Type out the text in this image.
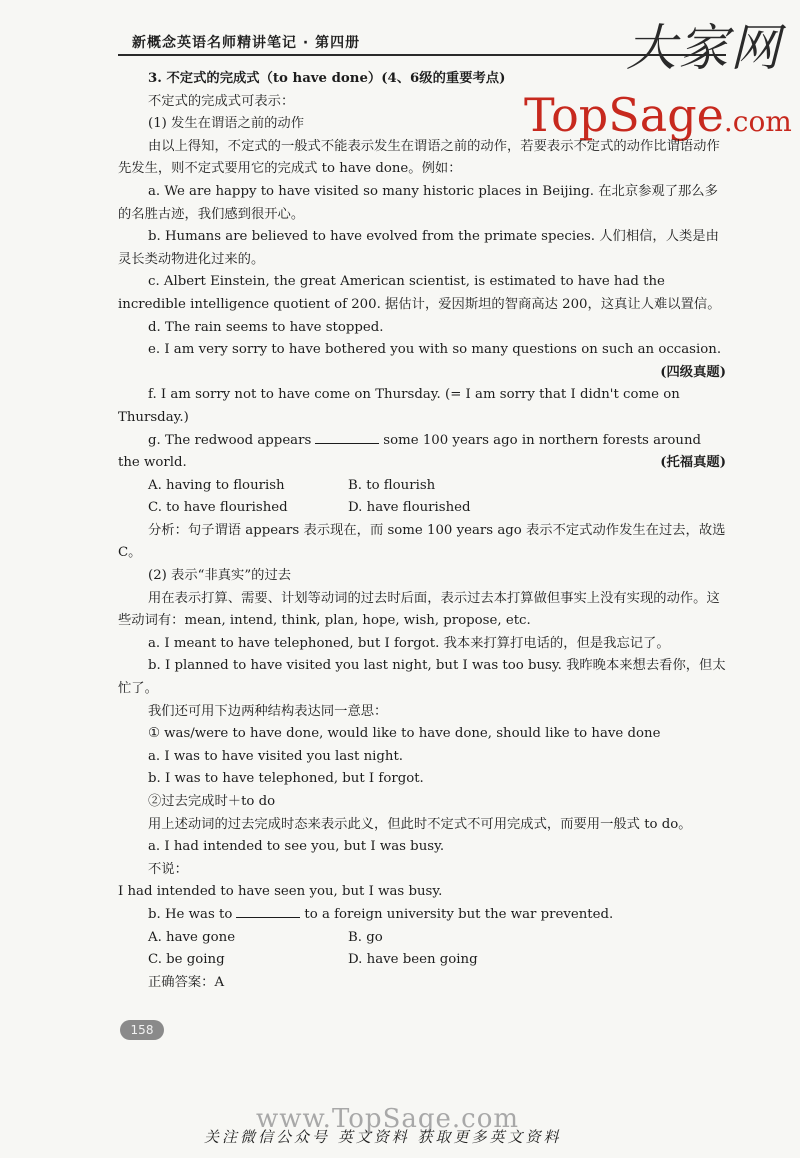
新概念英语名师精讲笔记 · 第四册	大家网
TopSage.com

3. 不定式的完成式（to have done）(4、6级的重要考点)

不定式的完成式可表示：

(1) 发生在谓语之前的动作

由以上得知，不定式的一般式不能表示发生在谓语之前的动作，若要表示不定式的动作比谓语动作先发生，则不定式要用它的完成式 to have done。例如：

a. We are happy to have visited so many historic places in Beijing. 在北京参观了那么多的名胜古迹，我们感到很开心。

b. Humans are believed to have evolved from the primate species. 人们相信，人类是由灵长类动物进化过来的。

c. Albert Einstein, the great American scientist, is estimated to have had the incredible intelligence quotient of 200. 据估计，爱因斯坦的智商高达 200，这真让人难以置信。

d. The rain seems to have stopped.

e. I am very sorry to have bothered you with so many questions on such an occasion.

(四级真题)

f. I am sorry not to have come on Thursday. (= I am sorry that I didn't come on Thursday.)

g. The redwood appears	some 100 years ago in northern forests around the world.	(托福真题)

A. having to flourish	B. to flourish
C. to have flourished	D. have flourished

分析：句子谓语 appears 表示现在，而 some 100 years ago 表示不定式动作发生在过去，故选 C。

(2) 表示“非真实”的过去

用在表示打算、需要、计划等动词的过去时后面，表示过去本打算做但事实上没有实现的动作。这些动词有：mean, intend, think, plan, hope, wish, propose, etc.

a. I meant to have telephoned, but I forgot. 我本来打算打电话的，但是我忘记了。

b. I planned to have visited you last night, but I was too busy. 我昨晚本来想去看你，但太忙了。

我们还可用下边两种结构表达同一意思：

① was/were to have done, would like to have done, should like to have done

a. I was to have visited you last night.

b. I was to have telephoned, but I forgot.

②过去完成时＋to do

用上述动词的过去完成时态来表示此义，但此时不定式不可用完成式，而要用一般式 to do。

a. I had intended to see you, but I was busy.

不说：

I had intended to have seen you, but I was busy.

b. He was to	to a foreign university but the war prevented.

A. have gone	B. go
C. be going	D. have been going

正确答案：A

158
www.TopSage.com
关注微信公众号 英文资料 获取更多英文资料
